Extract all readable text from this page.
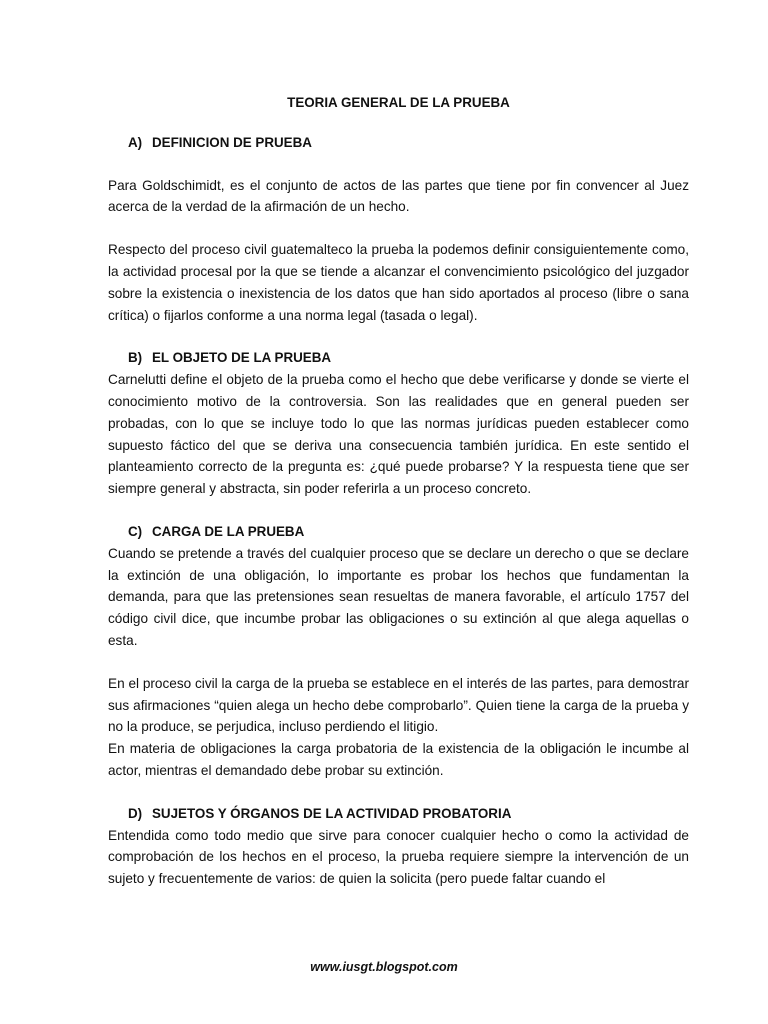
TEORIA GENERAL DE LA PRUEBA
A) DEFINICION DE PRUEBA

Para Goldschimidt, es el conjunto de actos de las partes que tiene por fin convencer al Juez acerca de la verdad de la afirmación de un hecho.

Respecto del proceso civil guatemalteco la prueba la podemos definir consiguientemente como, la actividad procesal por la que se tiende a alcanzar el convencimiento psicológico del juzgador sobre la existencia o inexistencia de los datos que han sido aportados al proceso (libre o sana crítica) o fijarlos conforme a una norma legal (tasada o legal).

B) EL OBJETO DE LA PRUEBA

Carnelutti define el objeto de la prueba como el hecho que debe verificarse y donde se vierte el conocimiento motivo de la controversia. Son las realidades que en general pueden ser probadas, con lo que se incluye todo lo que las normas jurídicas pueden establecer como supuesto fáctico del que se deriva una consecuencia también jurídica. En este sentido el planteamiento correcto de la pregunta es: ¿qué puede probarse? Y la respuesta tiene que ser siempre general y abstracta, sin poder referirla a un proceso concreto.

C) CARGA DE LA PRUEBA

Cuando se pretende a través del cualquier proceso que se declare un derecho o que se declare la extinción de una obligación, lo importante es probar los hechos que fundamentan la demanda, para que las pretensiones sean resueltas de manera favorable, el artículo 1757 del código civil dice, que incumbe probar las obligaciones o su extinción al que alega aquellas o esta.

En el proceso civil la carga de la prueba se establece en el interés de las partes, para demostrar sus afirmaciones “quien alega un hecho debe comprobarlo”. Quien tiene la carga de la prueba y no la produce, se perjudica, incluso perdiendo el litigio.

En materia de obligaciones la carga probatoria de la existencia de la obligación le incumbe al actor, mientras el demandado debe probar su extinción.

D) SUJETOS Y ÓRGANOS DE LA ACTIVIDAD PROBATORIA

Entendida como todo medio que sirve para conocer cualquier hecho o como la actividad de comprobación de los hechos en el proceso, la prueba requiere siempre la intervención de un sujeto y frecuentemente de varios: de quien la solicita (pero puede faltar cuando el

www.iusgt.blogspot.com
